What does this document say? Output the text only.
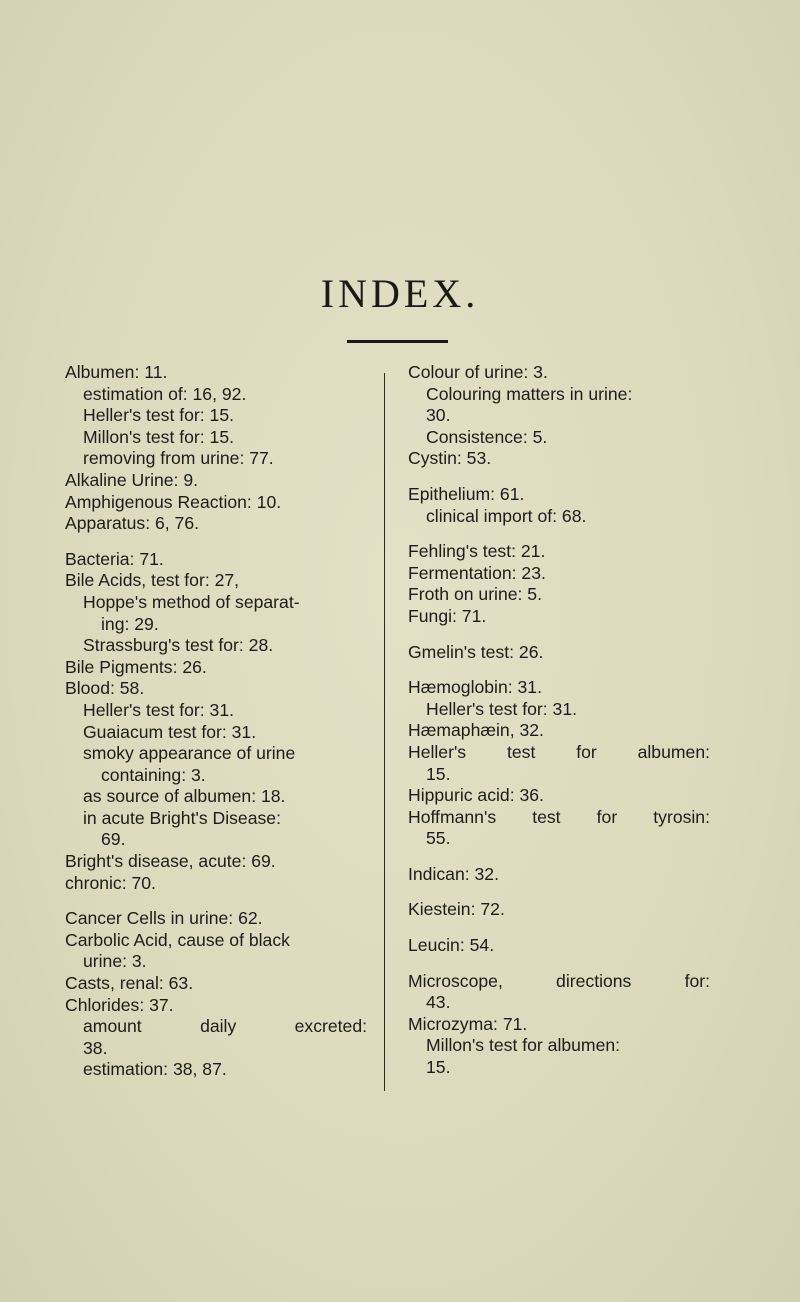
INDEX.
Albumen: 11.
estimation of: 16, 92.
Heller's test for: 15.
Millon's test for: 15.
removing from urine: 77.
Alkaline Urine: 9.
Amphigenous Reaction: 10.
Apparatus: 6, 76.
Bacteria: 71.
Bile Acids, test for: 27,
Hoppe's method of separat-
ing: 29.
Strassburg's test for: 28.
Bile Pigments: 26.
Blood: 58.
Heller's test for: 31.
Guaiacum test for: 31.
smoky appearance of urine
containing: 3.
as source of albumen: 18.
in acute Bright's Disease:
69.
Bright's disease, acute: 69.
chronic: 70.
Cancer Cells in urine: 62.
Carbolic Acid, cause of black
urine: 3.
Casts, renal: 63.
Chlorides: 37.
amount daily excreted:
38.
estimation: 38, 87.
Colour of urine: 3.
Colouring matters in urine:
30.
Consistence: 5.
Cystin: 53.
Epithelium: 61.
clinical import of: 68.
Fehling's test: 21.
Fermentation: 23.
Froth on urine: 5.
Fungi: 71.
Gmelin's test: 26.
Hæmoglobin: 31.
Heller's test for: 31.
Hæmaphæin, 32.
Heller's test for albumen:
15.
Hippuric acid: 36.
Hoffmann's test for tyrosin:
55.
Indican: 32.
Kiestein: 72.
Leucin: 54.
Microscope, directions for:
43.
Microzyma: 71.
Millon's test for albumen:
15.
